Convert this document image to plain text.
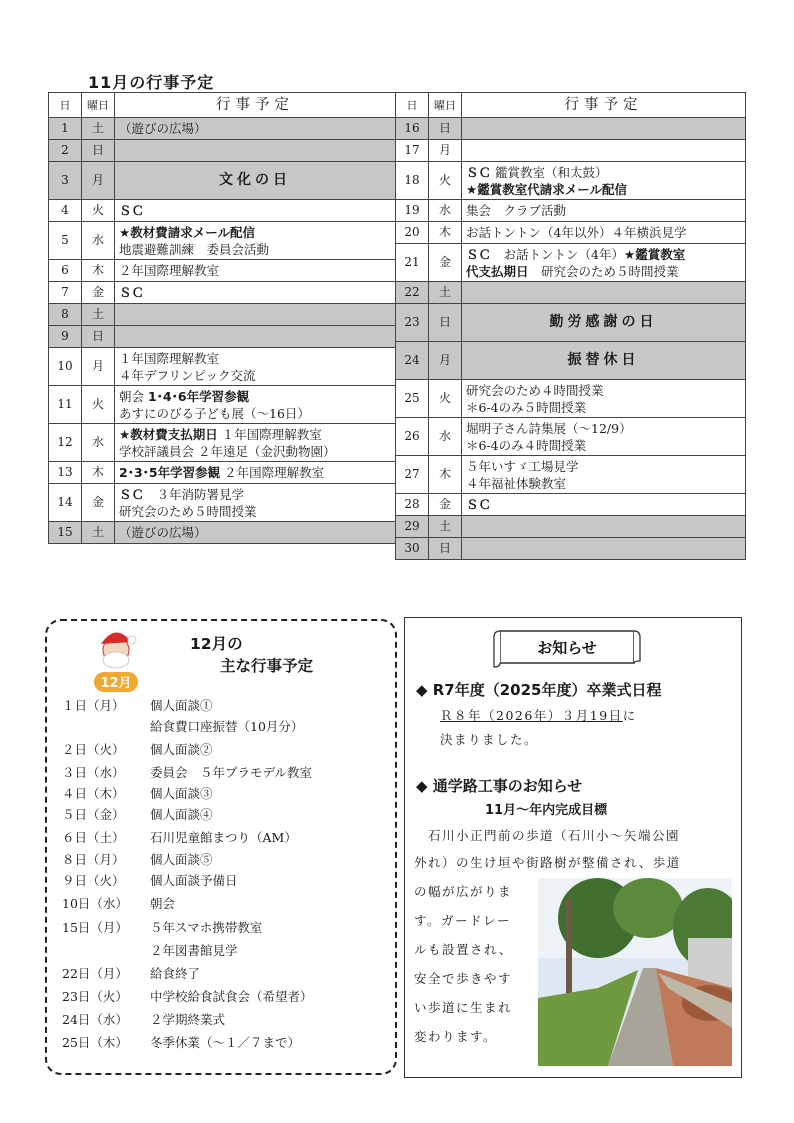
11月の行事予定
日	曜日	行事予定
1	土	（遊びの広場）

2	日	
3	月	文化の日

4	火	ＳＣ

5	水	★教材費請求メール配信
地震避難訓練　委員会活動

6	木	２年国際理解教室

7	金	ＳＣ

8	土	
9	日	
10	月	１年国際理解教室
４年デフリンピック交流

11	火	朝会 1･4･6年学習参観
あすにのびる子ども展（～16日）

12	水	★教材費支払期日 １年国際理解教室
学校評議員会 ２年遠足（金沢動物園）

13	木	2･3･5年学習参観 ２年国際理解教室

14	金	ＳＣ　３年消防署見学
研究会のため５時間授業

15	土	（遊びの広場）
日	曜日	行事予定
16	日	
17	月	
18	火	ＳＣ 鑑賞教室（和太鼓）
★鑑賞教室代請求メール配信

19	水	集会　クラブ活動

20	木	お話トントン（4年以外）４年横浜見学

21	金	ＳＣ　お話トントン（4年）★鑑賞教室
代支払期日　研究会のため５時間授業

22	土	
23	日	勤労感謝の日

24	月	振替休日

25	火	研究会のため４時間授業
＊6-4のみ５時間授業

26	水	堀明子さん詩集展（～12/9）
＊6-4のみ４時間授業

27	木	５年いすゞ工場見学
４年福祉体験教室

28	金	ＳＣ

29	土	
30	日	
12月
12月の
主な行事予定
１日（月） 個人面談①
給食費口座振替（10月分）
２日（火） 個人面談②
３日（水） 委員会　５年プラモデル教室
４日（木） 個人面談③
５日（金） 個人面談④
６日（土） 石川児童館まつり（AM）
８日（月） 個人面談⑤
９日（火） 個人面談予備日
10日（水） 朝会
15日（月） ５年スマホ携帯教室
２年図書館見学
22日（月） 給食終了
23日（火） 中学校給食試食会（希望者）
24日（水） ２学期終業式
25日（木） 冬季休業（～１／７まで）
お知らせ
◆ R7年度（2025年度）卒業式日程
Ｒ８年（2026年）３月19日に
決まりました。
◆ 通学路工事のお知らせ
11月～年内完成目標
石川小正門前の歩道（石川小～矢端公園
外れ）の生け垣や街路樹が整備され、歩道
の幅が広がりま
す。ガードレー
ルも設置され、
安全で歩きやす
い歩道に生まれ
変わります。
